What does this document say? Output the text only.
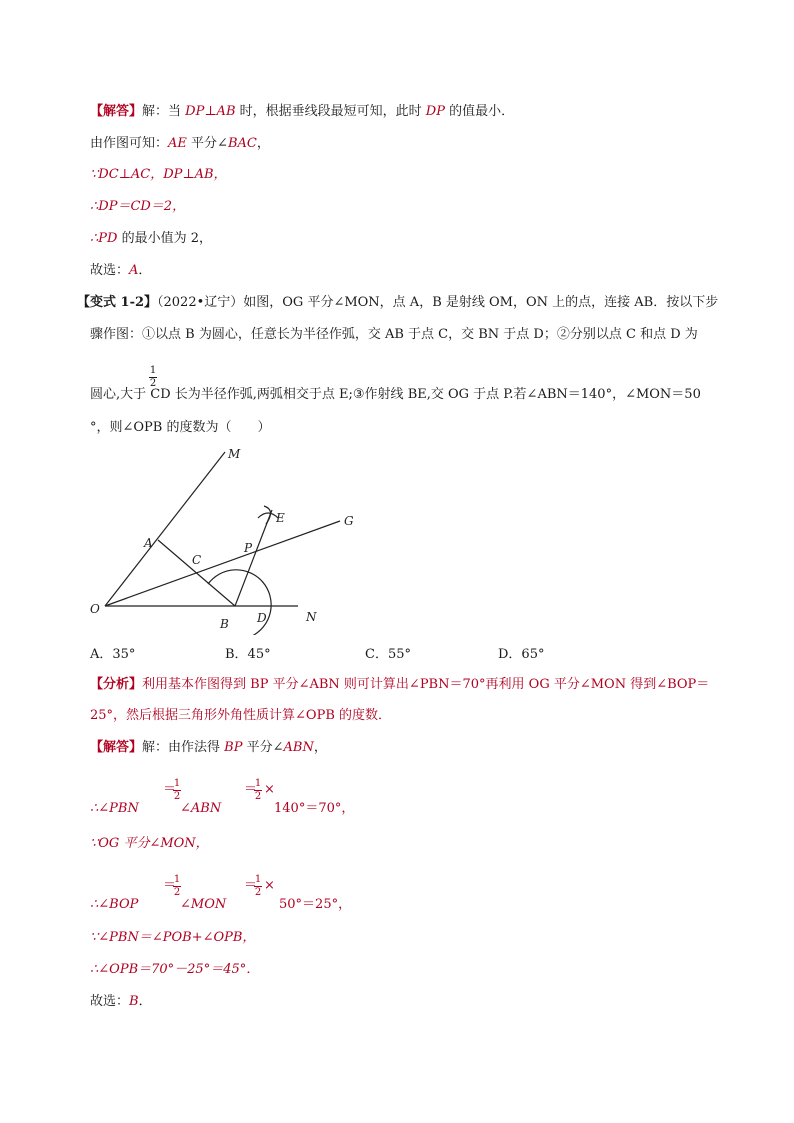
【解答】解：当 DP⊥AB 时，根据垂线段最短可知，此时 DP 的值最小．
由作图可知：AE 平分∠BAC，
∵DC⊥AC，DP⊥AB，
∴DP＝CD＝2，
∴PD 的最小值为 2，
故选：A．
【变式 1-2】（2022•辽宁）如图，OG 平分∠MON，点 A，B 是射线 OM，ON 上的点，连接 AB．按以下步
骤作图：①以点 B 为圆心，任意长为半径作弧，交 AB 于点 C，交 BN 于点 D；②分别以点 C 和点 D 为
1
2
圆心,大于 CD 长为半径作弧,两弧相交于点 E;③作射线 BE,交 OG 于点 P.若∠ABN＝140°，∠MON＝50
°，则∠OPB 的度数为（　　）
M
E	G
A
C
P
O
B D	N
A．35°	B．45°	C．55°	D．65°
【分析】利用基本作图得到 BP 平分∠ABN 则可计算出∠PBN＝70°再利用 OG 平分∠MON 得到∠BOP＝
25°，然后根据三角形外角性质计算∠OPB 的度数．
【解答】解：由作法得 BP 平分∠ABN，
∴∠PBN
＝
1
2
∠ABN
＝
1
2 ×
140°＝70°，
∵OG 平分∠MON，
∴∠BOP
＝
1
2
∠MON
＝
1
2 ×
50°＝25°，
∵∠PBN＝∠POB+∠OPB，
∴∠OPB＝70°－25°＝45°．
故选：B．
